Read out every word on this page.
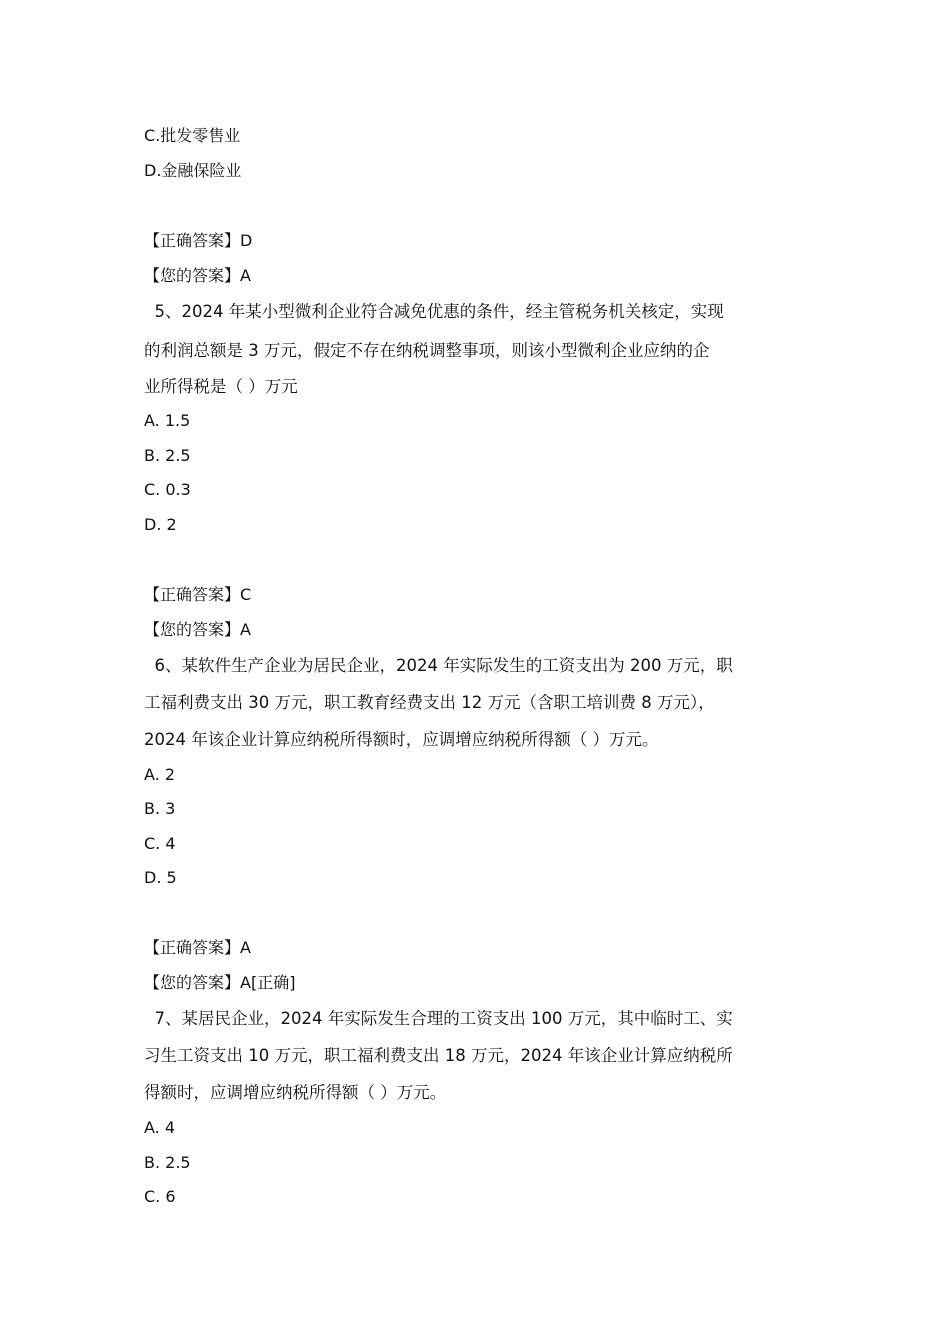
C.批发零售业
D.金融保险业
【正确答案】D
【您的答案】A
5、2024 年某小型微利企业符合减免优惠的条件，经主管税务机关核定，实现
的利润总额是 3 万元，假定不存在纳税调整事项，则该小型微利企业应纳的企
业所得税是（ ）万元
A. 1.5
B. 2.5
C. 0.3
D. 2
【正确答案】C
【您的答案】A
6、某软件生产企业为居民企业，2024 年实际发生的工资支出为 200 万元，职
工福利费支出 30 万元，职工教育经费支出 12 万元（含职工培训费 8 万元），
2024 年该企业计算应纳税所得额时，应调增应纳税所得额（ ）万元。
A. 2
B. 3
C. 4
D. 5
【正确答案】A
【您的答案】A[正确]
7、某居民企业，2024 年实际发生合理的工资支出 100 万元，其中临时工、实
习生工资支出 10 万元，职工福利费支出 18 万元，2024 年该企业计算应纳税所
得额时，应调增应纳税所得额（ ）万元。
A. 4
B. 2.5
C. 6
